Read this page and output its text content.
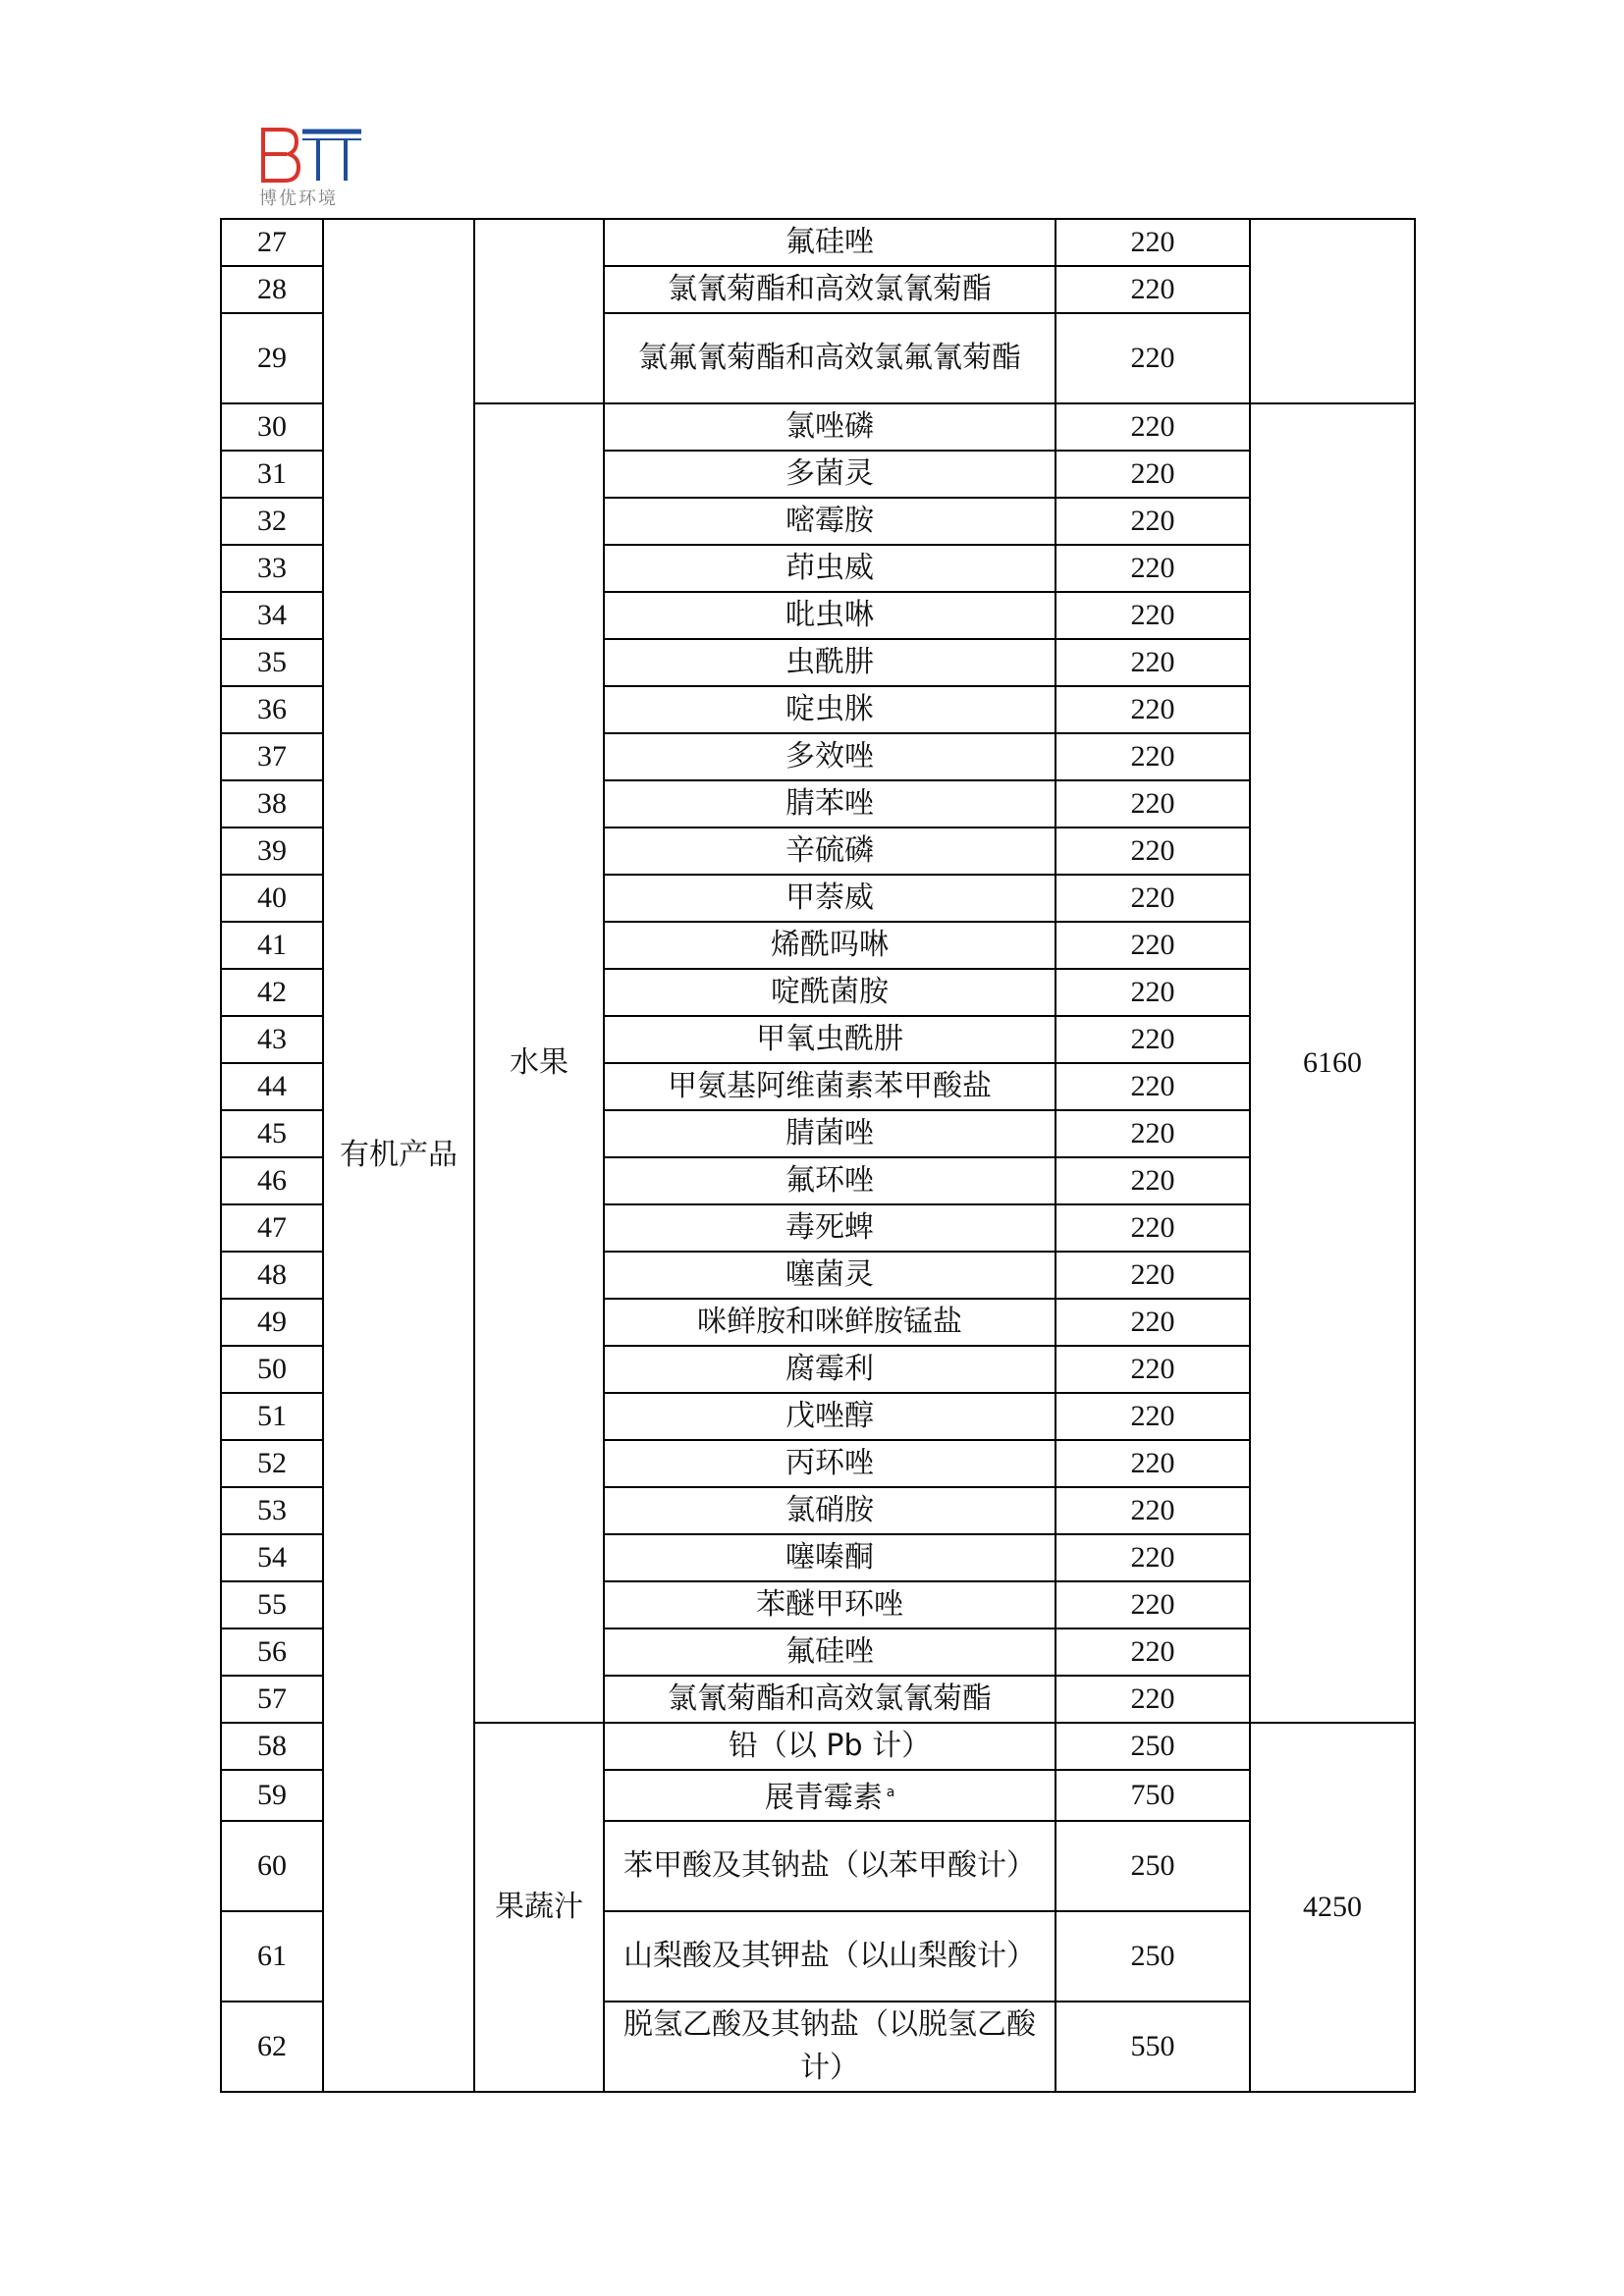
博优环境
27	有机产品		氟硅唑	220	
28			氯氰菊酯和高效氯氰菊酯	220	
29			氯氟氰菊酯和高效氯氟氰菊酯	220	
30		水果	氯唑磷	220	6160
31			多菌灵	220	
32			嘧霉胺	220	
33			茚虫威	220	
34			吡虫啉	220	
35			虫酰肼	220	
36			啶虫脒	220	
37			多效唑	220	
38			腈苯唑	220	
39			辛硫磷	220	
40			甲萘威	220	
41			烯酰吗啉	220	
42			啶酰菌胺	220	
43			甲氧虫酰肼	220	
44			甲氨基阿维菌素苯甲酸盐	220	
45			腈菌唑	220	
46			氟环唑	220	
47			毒死蜱	220	
48			噻菌灵	220	
49			咪鲜胺和咪鲜胺锰盐	220	
50			腐霉利	220	
51			戊唑醇	220	
52			丙环唑	220	
53			氯硝胺	220	
54			噻嗪酮	220	
55			苯醚甲环唑	220	
56			氟硅唑	220	
57			氯氰菊酯和高效氯氰菊酯	220	
58		果蔬汁	铅（以 Pb 计）	250	4250
59			展青霉素 $^a$	750	
60			苯甲酸及其钠盐（以苯甲酸计）	250	
61			山梨酸及其钾盐（以山梨酸计）	250	
62			脱氢乙酸及其钠盐（以脱氢乙酸计）	550	
